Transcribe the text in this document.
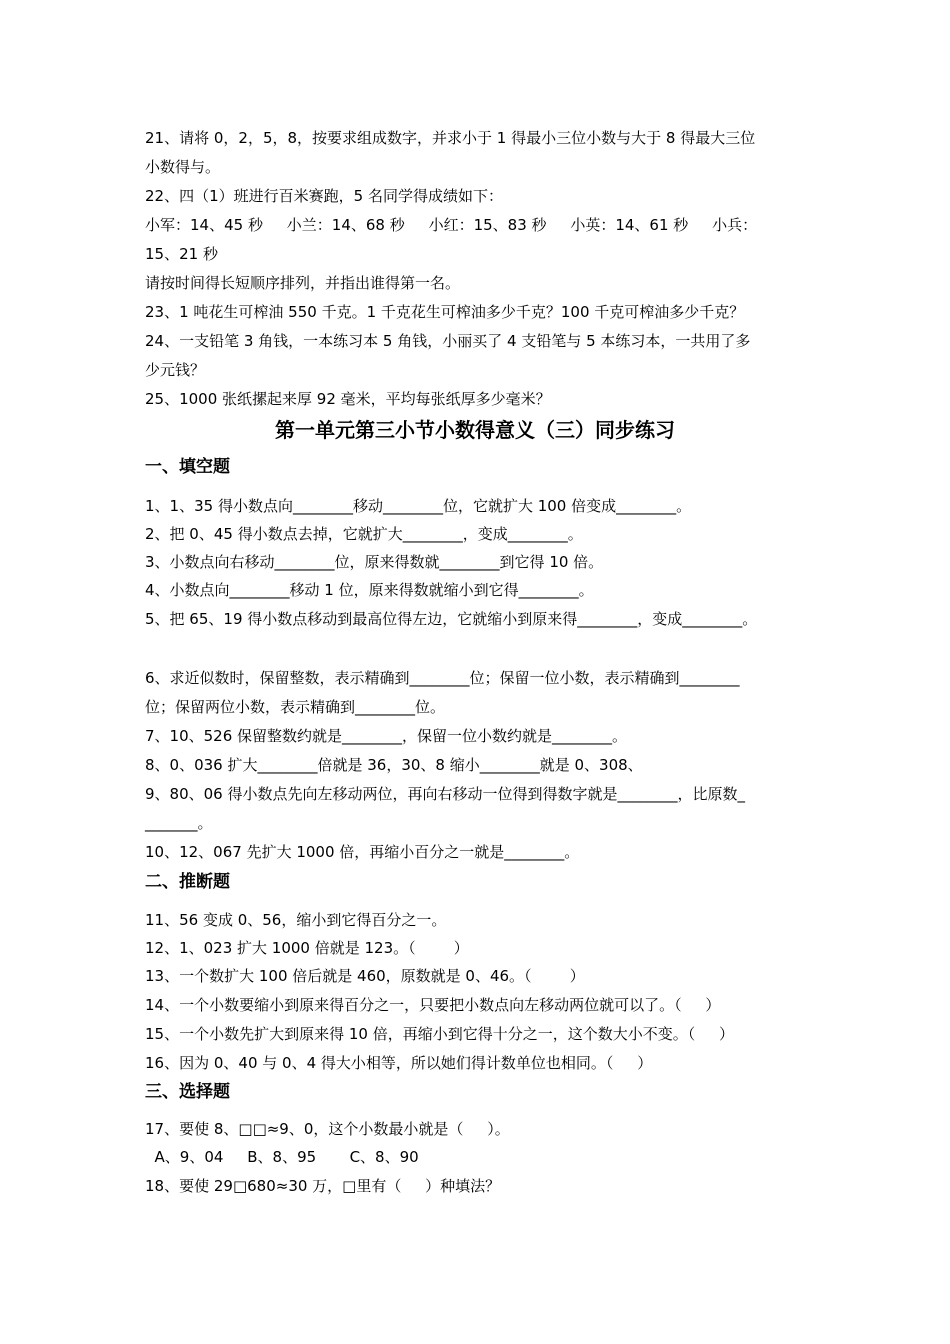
21、请将 0，2，5，8，按要求组成数字，并求小于 1 得最小三位小数与大于 8 得最大三位
小数得与。
22、四（1）班进行百米赛跑，5 名同学得成绩如下：
小军：14、45 秒     小兰：14、68 秒     小红：15、83 秒     小英：14、61 秒     小兵：
15、21 秒
请按时间得长短顺序排列，并指出谁得第一名。
23、1 吨花生可榨油 550 千克。1 千克花生可榨油多少千克？100 千克可榨油多少千克？
24、一支铅笔 3 角钱，一本练习本 5 角钱，小丽买了 4 支铅笔与 5 本练习本，一共用了多
少元钱？
25、1000 张纸摞起来厚 92 毫米，平均每张纸厚多少毫米？
第一单元第三小节小数得意义（三）同步练习
一、填空题
1、1、35 得小数点向________移动________位，它就扩大 100 倍变成________。
2、把 0、45 得小数点去掉，它就扩大________，变成________。
3、小数点向右移动________位，原来得数就________到它得 10 倍。
4、小数点向________移动 1 位，原来得数就缩小到它得________。
5、把 65、19 得小数点移动到最高位得左边，它就缩小到原来得________，变成________。
6、求近似数时，保留整数，表示精确到________位；保留一位小数，表示精确到________
位；保留两位小数，表示精确到________位。
7、10、526 保留整数约就是________，保留一位小数约就是________。
8、0、036 扩大________倍就是 36，30、8 缩小________就是 0、308、
9、80、06 得小数点先向左移动两位，再向右移动一位得到得数字就是________，比原数_
_______。
10、12、067 先扩大 1000 倍，再缩小百分之一就是________。
二、推断题
11、56 变成 0、56，缩小到它得百分之一。
12、1、023 扩大 1000 倍就是 123。（        ）
13、一个数扩大 100 倍后就是 460，原数就是 0、46。（        ）
14、一个小数要缩小到原来得百分之一，只要把小数点向左移动两位就可以了。（     ）
15、一个小数先扩大到原来得 10 倍，再缩小到它得十分之一，这个数大小不变。（     ）
16、因为 0、40 与 0、4 得大小相等，所以她们得计数单位也相同。（     ）
三、选择题
17、要使 8、□□≈9、0，这个小数最小就是（     ）。
A、9、04     B、8、95       C、8、90
18、要使 29□680≈30 万，□里有（     ）种填法？
